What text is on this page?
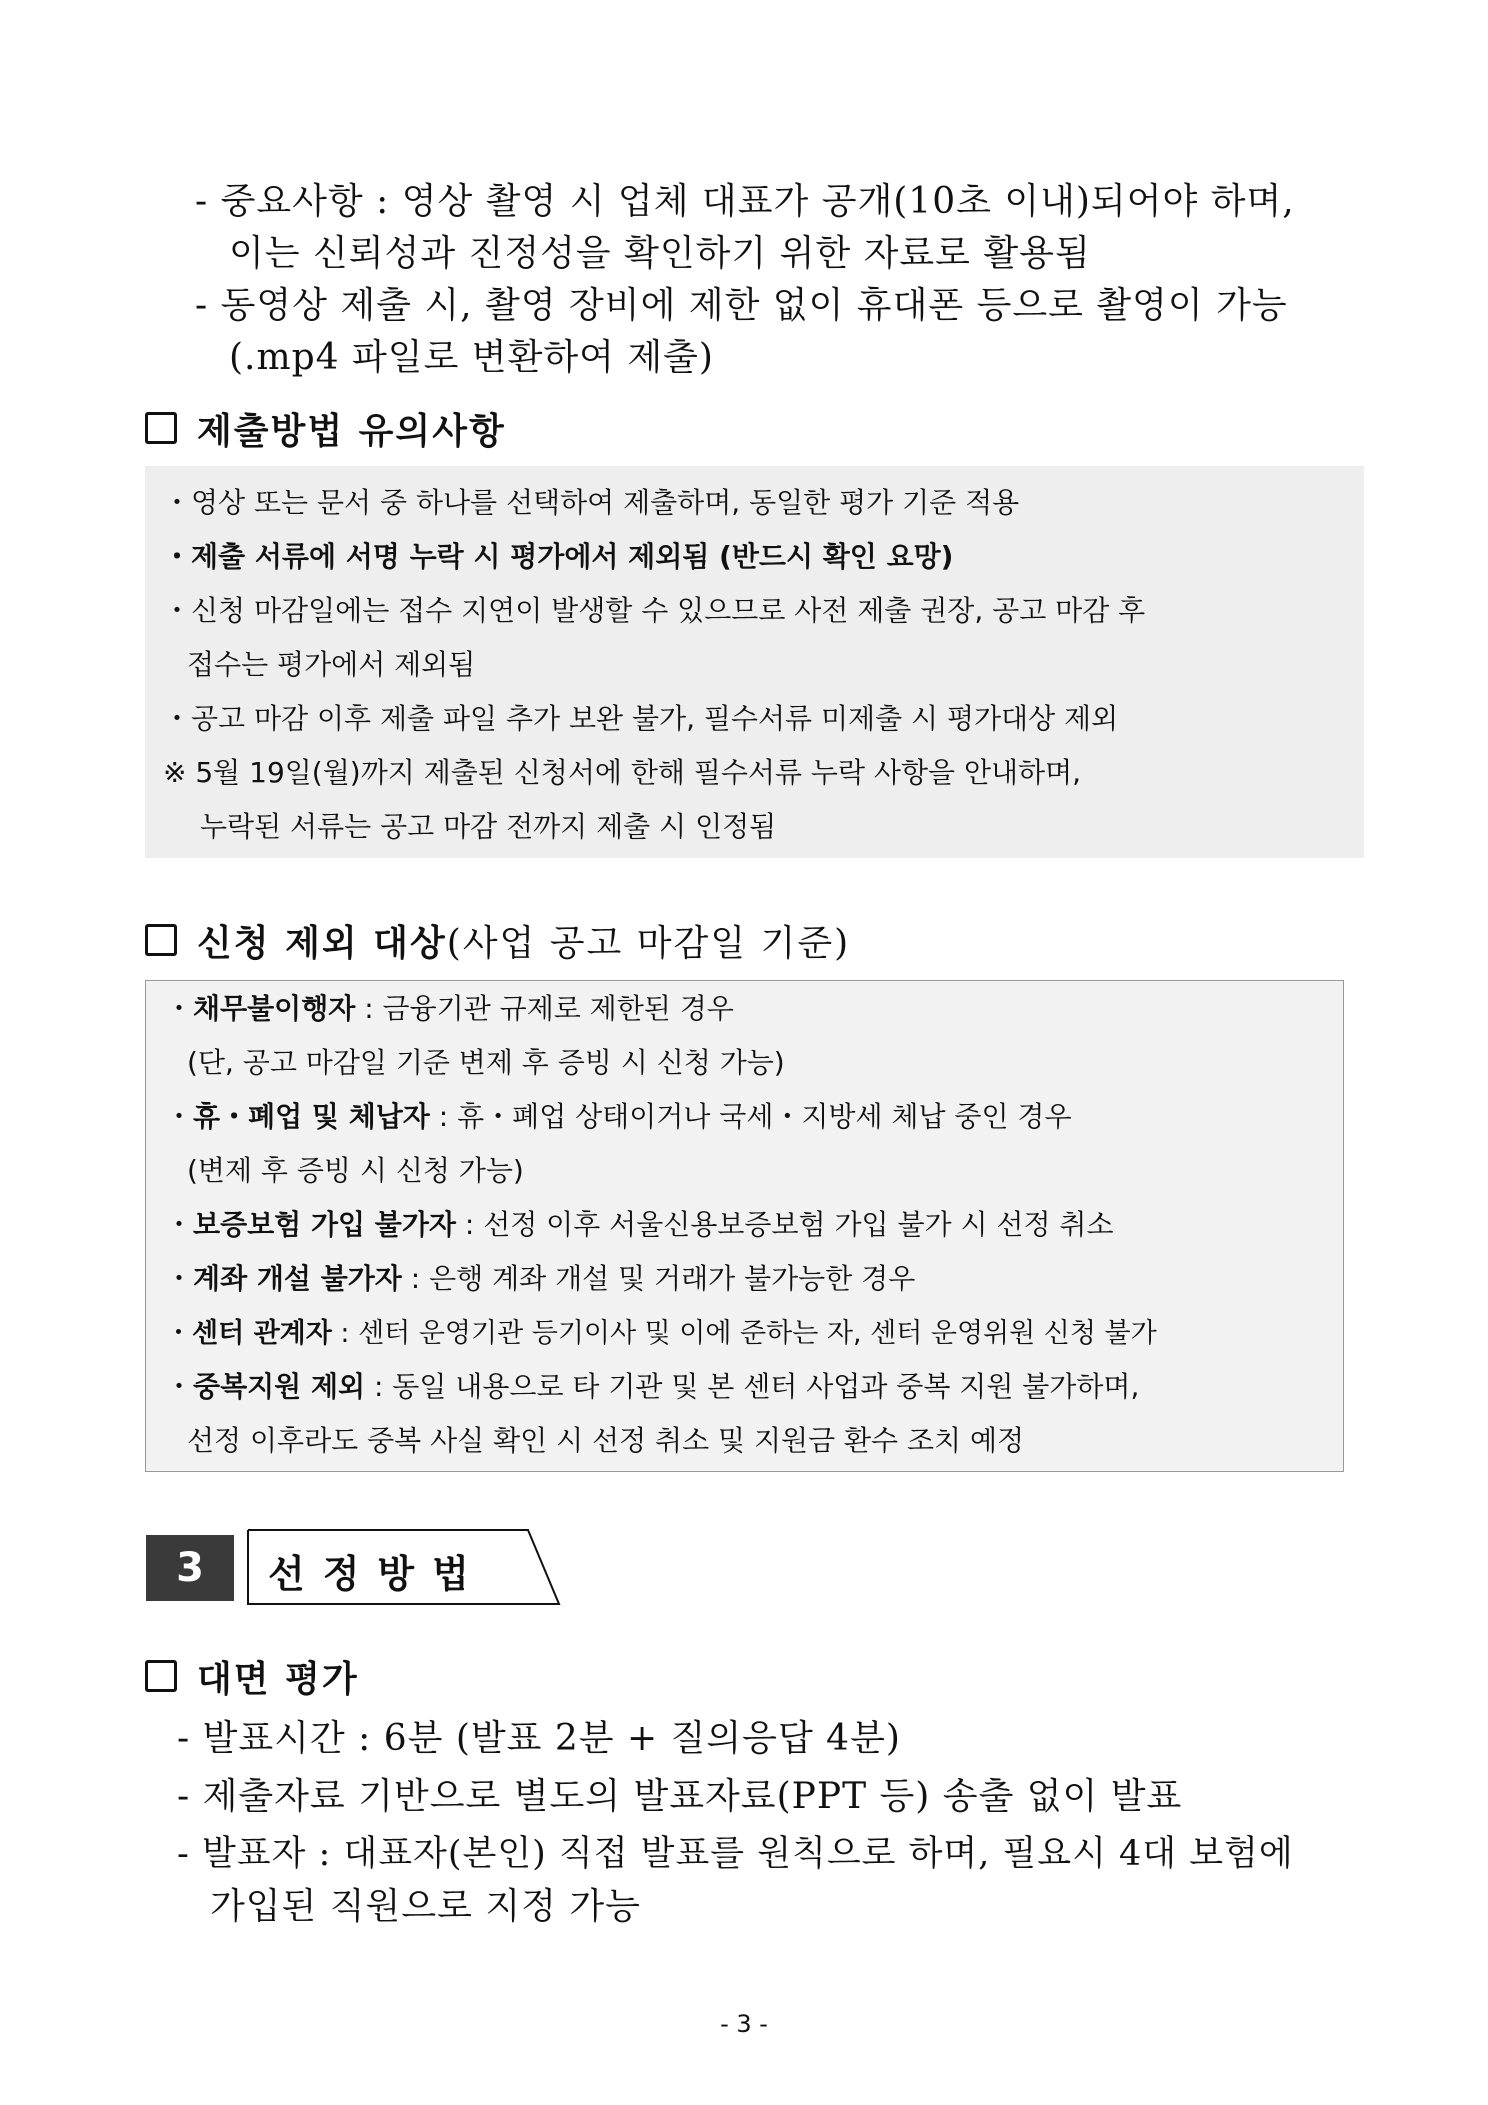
- 중요사항 : 영상 촬영 시 업체 대표가 공개(10초 이내)되어야 하며,
이는 신뢰성과 진정성을 확인하기 위한 자료로 활용됨
- 동영상 제출 시, 촬영 장비에 제한 없이 휴대폰 등으로 촬영이 가능
(.mp4 파일로 변환하여 제출)
제출방법 유의사항
・영상 또는 문서 중 하나를 선택하여 제출하며, 동일한 평가 기준 적용
・제출 서류에 서명 누락 시 평가에서 제외됨 (반드시 확인 요망)
・신청 마감일에는 접수 지연이 발생할 수 있으므로 사전 제출 권장, 공고 마감 후
접수는 평가에서 제외됨
・공고 마감 이후 제출 파일 추가 보완 불가, 필수서류 미제출 시 평가대상 제외
※ 5월 19일(월)까지 제출된 신청서에 한해 필수서류 누락 사항을 안내하며,
누락된 서류는 공고 마감 전까지 제출 시 인정됨
신청 제외 대상(사업 공고 마감일 기준)
・채무불이행자 : 금융기관 규제로 제한된 경우
(단, 공고 마감일 기준 변제 후 증빙 시 신청 가능)
・휴・폐업 및 체납자 : 휴・폐업 상태이거나 국세・지방세 체납 중인 경우
(변제 후 증빙 시 신청 가능)
・보증보험 가입 불가자 : 선정 이후 서울신용보증보험 가입 불가 시 선정 취소
・계좌 개설 불가자 : 은행 계좌 개설 및 거래가 불가능한 경우
・센터 관계자 : 센터 운영기관 등기이사 및 이에 준하는 자, 센터 운영위원 신청 불가
・중복지원 제외 : 동일 내용으로 타 기관 및 본 센터 사업과 중복 지원 불가하며,
선정 이후라도 중복 사실 확인 시 선정 취소 및 지원금 환수 조치 예정
3	선정방법
대면 평가
- 발표시간 : 6분 (발표 2분 + 질의응답 4분)
- 제출자료 기반으로 별도의 발표자료(PPT 등) 송출 없이 발표
- 발표자 : 대표자(본인) 직접 발표를 원칙으로 하며, 필요시 4대 보험에
가입된 직원으로 지정 가능
- 3 -
